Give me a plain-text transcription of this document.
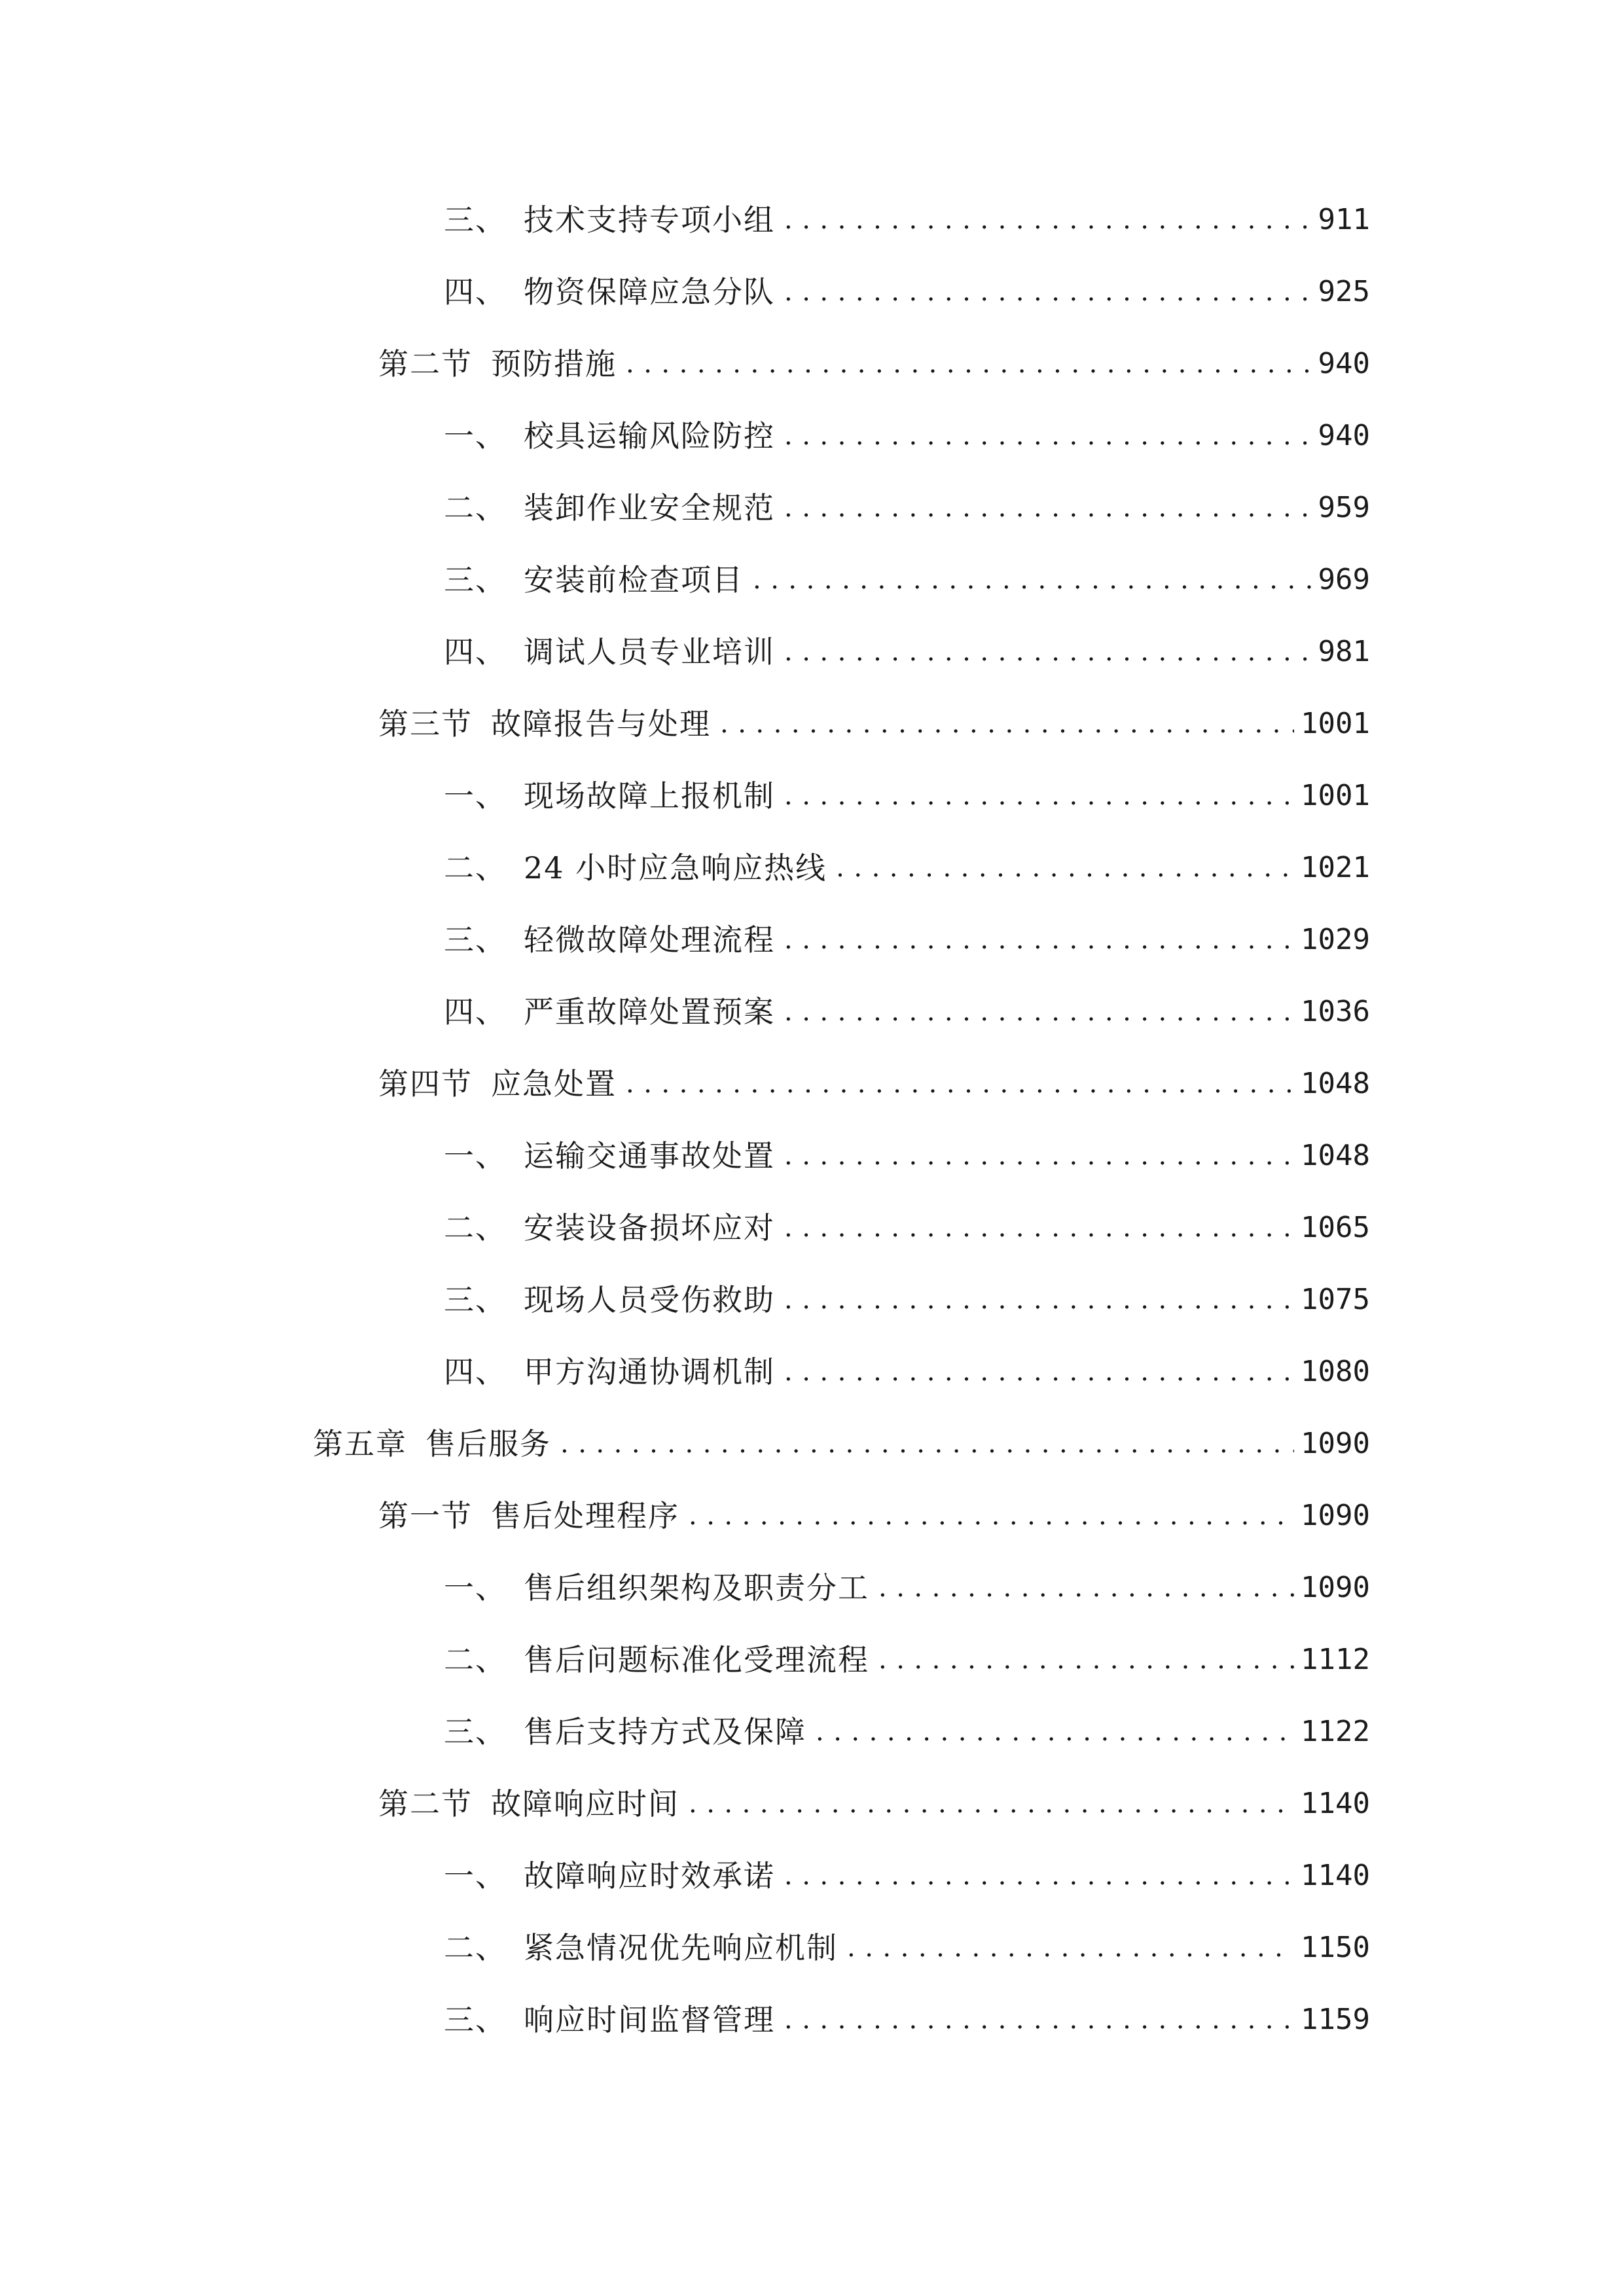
三、 技术支持专项小组 .....	911
四、 物资保障应急分队 .....	925
第二节 预防措施 .....	940
一、 校具运输风险防控 .....	940
二、 装卸作业安全规范 .....	959
三、 安装前检查项目 .....	969
四、 调试人员专业培训 .....	981
第三节 故障报告与处理 .....	1001
一、 现场故障上报机制 .....	1001
二、 24 小时应急响应热线 .....	1021
三、 轻微故障处理流程 .....	1029
四、 严重故障处置预案 .....	1036
第四节 应急处置 .....	1048
一、 运输交通事故处置 .....	1048
二、 安装设备损坏应对 .....	1065
三、 现场人员受伤救助 .....	1075
四、 甲方沟通协调机制 .....	1080
第五章 售后服务 .....	1090
第一节 售后处理程序 .....	1090
一、 售后组织架构及职责分工 .....	1090
二、 售后问题标准化受理流程 .....	1112
三、 售后支持方式及保障 .....	1122
第二节 故障响应时间 .....	1140
一、 故障响应时效承诺 .....	1140
二、 紧急情况优先响应机制 .....	1150
三、 响应时间监督管理 .....	1159
